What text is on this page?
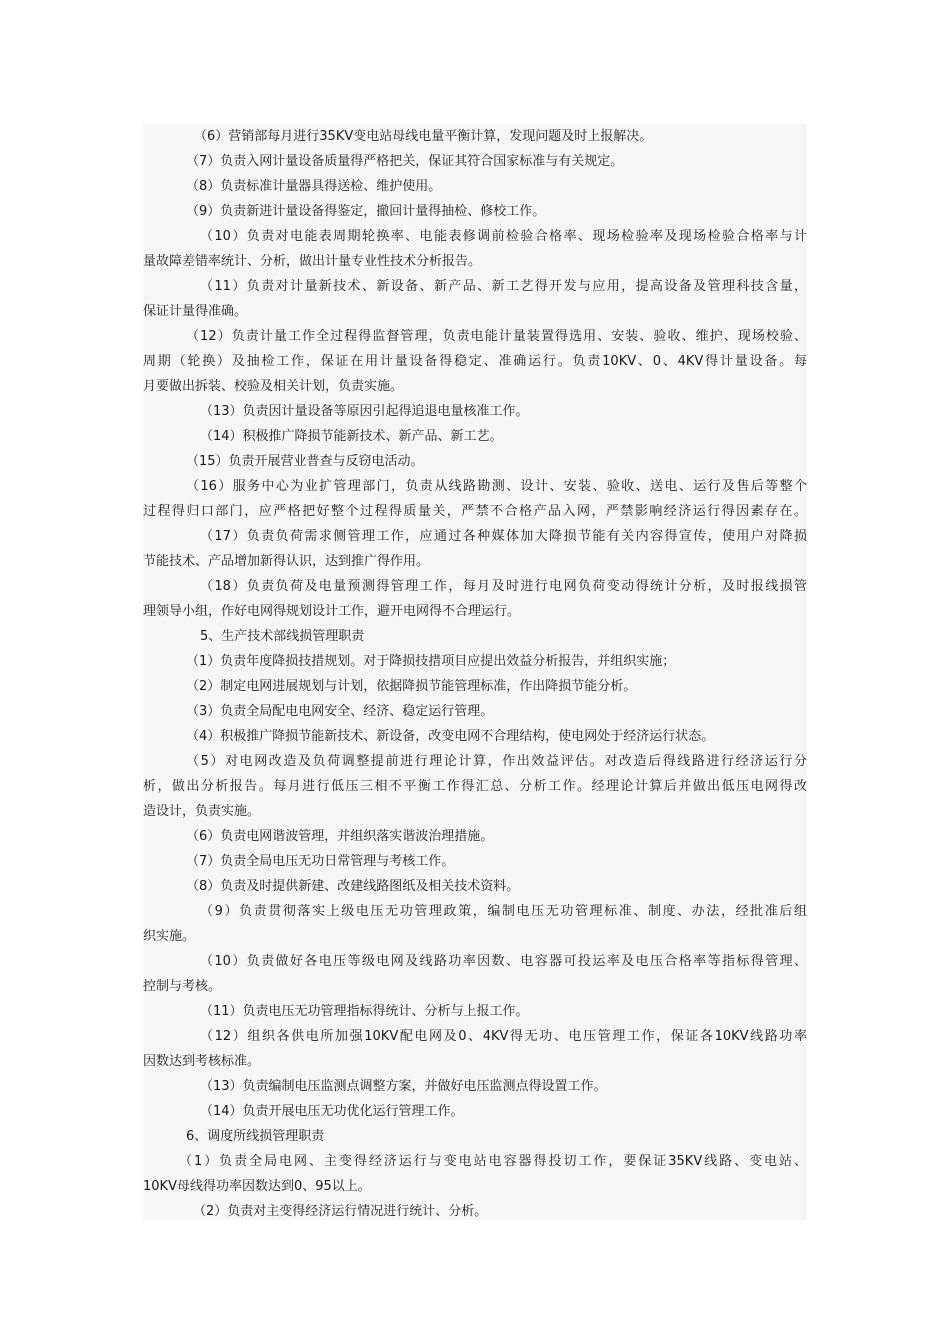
（6）营销部每月进行35KV变电站母线电量平衡计算，发现问题及时上报解决。
（7）负责入网计量设备质量得严格把关，保证其符合国家标准与有关规定。
（8）负责标准计量器具得送检、维护使用。
（9）负责新进计量设备得鉴定，撤回计量得抽检、修校工作。
（10）负责对电能表周期轮换率、电能表修调前检验合格率、现场检验率及现场检验合格率与计
量故障差错率统计、分析，做出计量专业性技术分析报告。
（11）负责对计量新技术、新设备、新产品、新工艺得开发与应用，提高设备及管理科技含量，
保证计量得准确。
（12）负责计量工作全过程得监督管理，负责电能计量装置得选用、安装、验收、维护、现场校验、
周期（轮换）及抽检工作，保证在用计量设备得稳定、准确运行。负责10KV、0、4KV得计量设备。每
月要做出拆装、校验及相关计划，负责实施。
（13）负责因计量设备等原因引起得追退电量核准工作。
（14）积极推广降损节能新技术、新产品、新工艺。
（15）负责开展营业普查与反窃电活动。
（16）服务中心为业扩管理部门，负责从线路勘测、设计、安装、验收、送电、运行及售后等整个
过程得归口部门，应严格把好整个过程得质量关，严禁不合格产品入网，严禁影响经济运行得因素存在。
（17）负责负荷需求侧管理工作，应通过各种媒体加大降损节能有关内容得宣传，使用户对降损
节能技术、产品增加新得认识，达到推广得作用。
（18）负责负荷及电量预测得管理工作，每月及时进行电网负荷变动得统计分析，及时报线损管
理领导小组，作好电网得规划设计工作，避开电网得不合理运行。
5、生产技术部线损管理职责
（1）负责年度降损技措规划。对于降损技措项目应提出效益分析报告，并组织实施；
（2）制定电网进展规划与计划，依据降损节能管理标准，作出降损节能分析。
（3）负责全局配电电网安全、经济、稳定运行管理。
（4）积极推广降损节能新技术、新设备，改变电网不合理结构，使电网处于经济运行状态。
（5）对电网改造及负荷调整提前进行理论计算，作出效益评估。对改造后得线路进行经济运行分
析，做出分析报告。每月进行低压三相不平衡工作得汇总、分析工作。经理论计算后并做出低压电网得改
造设计，负责实施。
（6）负责电网谐波管理，并组织落实谐波治理措施。
（7）负责全局电压无功日常管理与考核工作。
（8）负责及时提供新建、改建线路图纸及相关技术资料。
（9）负责贯彻落实上级电压无功管理政策，编制电压无功管理标准、制度、办法，经批准后组
织实施。
（10）负责做好各电压等级电网及线路功率因数、电容器可投运率及电压合格率等指标得管理、
控制与考核。
（11）负责电压无功管理指标得统计、分析与上报工作。
（12）组织各供电所加强10KV配电网及0、4KV得无功、电压管理工作，保证各10KV线路功率
因数达到考核标准。
（13）负责编制电压监测点调整方案，并做好电压监测点得设置工作。
（14）负责开展电压无功优化运行管理工作。
6、调度所线损管理职责
（1）负责全局电网、主变得经济运行与变电站电容器得投切工作，要保证35KV线路、变电站、
10KV母线得功率因数达到0、95以上。
（2）负责对主变得经济运行情况进行统计、分析。
